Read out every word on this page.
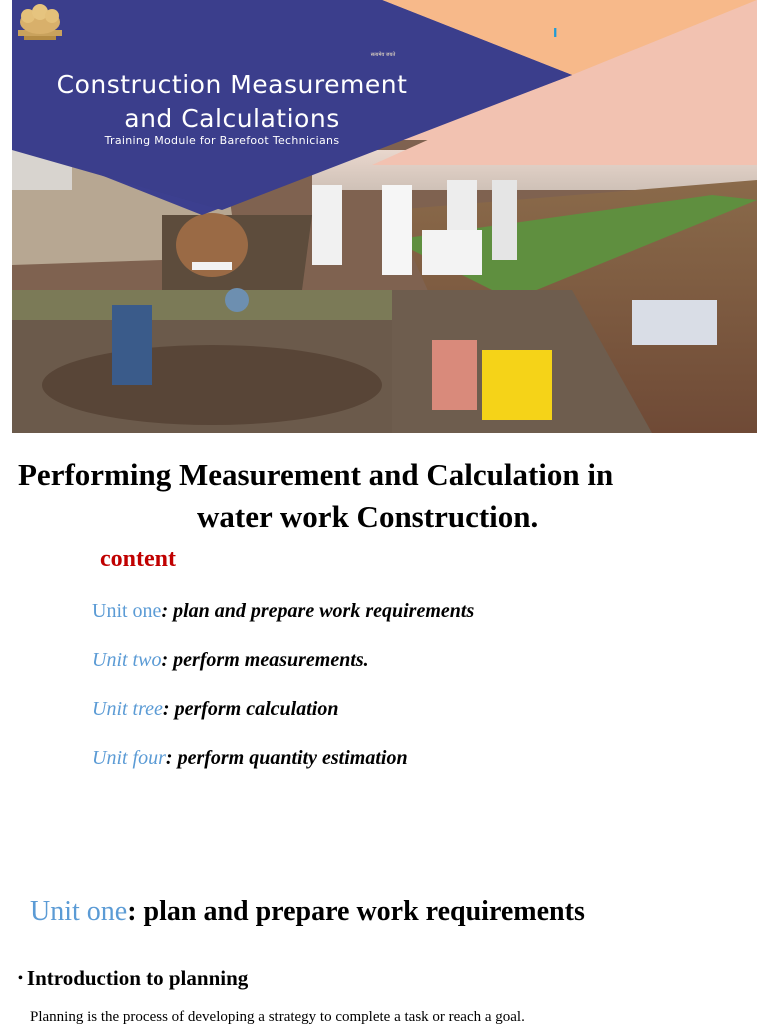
सत्यमेव जयते
I
Construction Measurement
and Calculations
Training Module for Barefoot Technicians
Performing Measurement and Calculation in
water work Construction.
content
Unit one: plan and prepare work requirements
Unit two: perform measurements.
Unit tree: perform calculation
Unit four: perform quantity estimation
Unit one: plan and prepare work requirements
• Introduction to planning
Planning is the process of developing a strategy to complete a task or reach a goal.
